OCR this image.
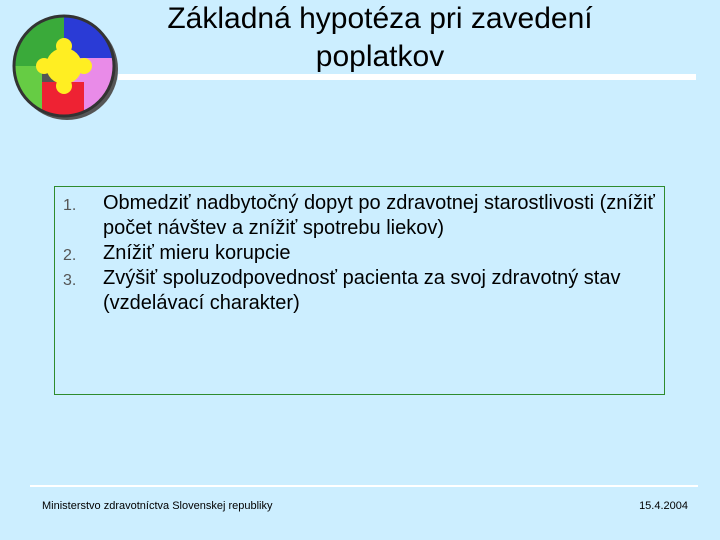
Základná hypotéza pri zavedení poplatkov
1. Obmedziť nadbytočný dopyt po zdravotnej starostlivosti (znížiť počet návštev a znížiť spotrebu liekov)
2. Znížiť mieru korupcie
3. Zvýšiť spoluzodpovednosť pacienta za svoj zdravotný stav (vzdelávací charakter)
Ministerstvo zdravotníctva Slovenskej republiky	15.4.2004
